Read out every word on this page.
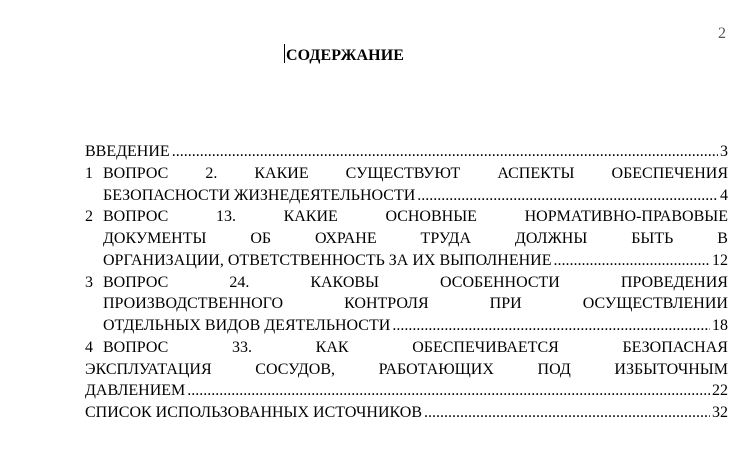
2
СОДЕРЖАНИЕ
ВВЕДЕНИЕ .....	3
1 ВОПРОС 2. КАКИЕ СУЩЕСТВУЮТ АСПЕКТЫ ОБЕСПЕЧЕНИЯ
БЕЗОПАСНОСТИ ЖИЗНЕДЕЯТЕЛЬНОСТИ .....	4
2 ВОПРОС	13.	КАКИЕ	ОСНОВНЫЕ	НОРМАТИВНО-ПРАВОВЫЕ
ДОКУМЕНТЫ	ОБ	ОХРАНЕ	ТРУДА	ДОЛЖНЫ	БЫТЬ	В
ОРГАНИЗАЦИИ, ОТВЕТСТВЕННОСТЬ ЗА ИХ ВЫПОЛНЕНИЕ .....	12
3 ВОПРОС	24.	КАКОВЫ	ОСОБЕННОСТИ	ПРОВЕДЕНИЯ
ПРОИЗВОДСТВЕННОГО	КОНТРОЛЯ	ПРИ	ОСУЩЕСТВЛЕНИИ
ОТДЕЛЬНЫХ ВИДОВ ДЕЯТЕЛЬНОСТИ .....	18
4 ВОПРОС	33.	КАК	ОБЕСПЕЧИВАЕТСЯ	БЕЗОПАСНАЯ
ЭКСПЛУАТАЦИЯ	СОСУДОВ,	РАБОТАЮЩИХ	ПОД	ИЗБЫТОЧНЫМ
ДАВЛЕНИЕМ .....	22
СПИСОК ИСПОЛЬЗОВАННЫХ ИСТОЧНИКОВ .....	32
